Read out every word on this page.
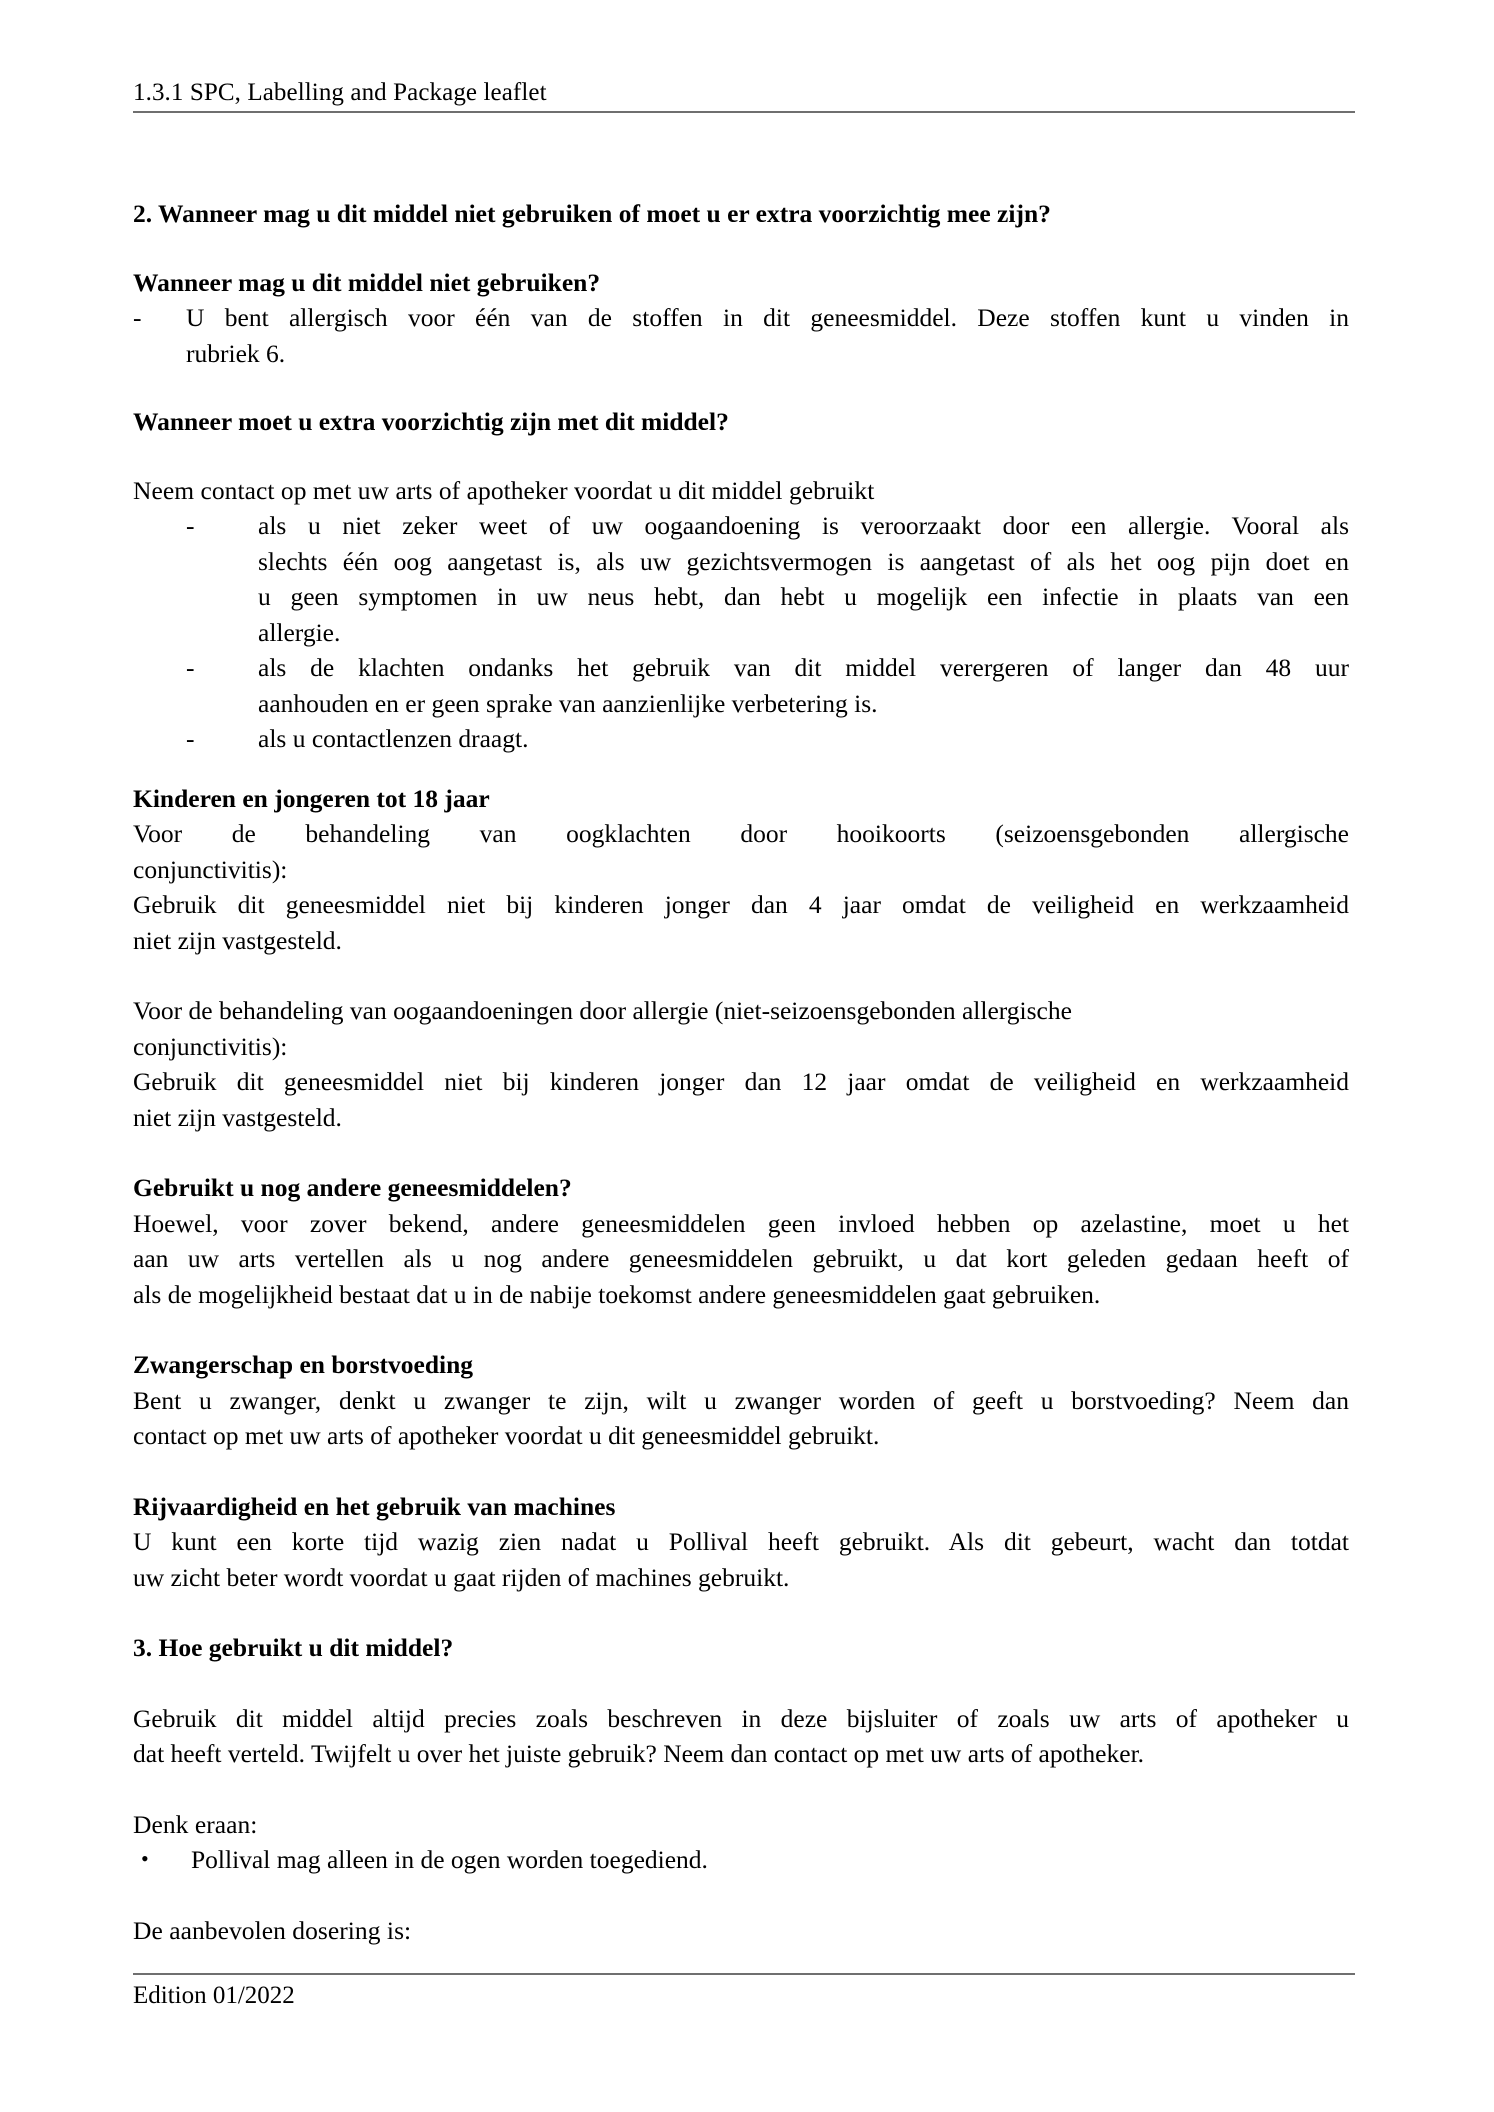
1.3.1 SPC, Labelling and Package leaflet
2. Wanneer mag u dit middel niet gebruiken of moet u er extra voorzichtig mee zijn?
Wanneer mag u dit middel niet gebruiken?
-	U bent allergisch voor één van de stoffen in dit geneesmiddel. Deze stoffen kunt u vinden in
rubriek 6.
Wanneer moet u extra voorzichtig zijn met dit middel?
Neem contact op met uw arts of apotheker voordat u dit middel gebruikt
-	als u niet zeker weet of uw oogaandoening is veroorzaakt door een allergie. Vooral als
slechts één oog aangetast is, als uw gezichtsvermogen is aangetast of als het oog pijn doet en
u geen symptomen in uw neus hebt, dan hebt u mogelijk een infectie in plaats van een
allergie.
-	als de klachten ondanks het gebruik van dit middel verergeren of langer dan 48 uur
aanhouden en er geen sprake van aanzienlijke verbetering is.
-	als u contactlenzen draagt.
Kinderen en jongeren tot 18 jaar
Voor de behandeling van oogklachten door hooikoorts (seizoensgebonden allergische
conjunctivitis):
Gebruik dit geneesmiddel niet bij kinderen jonger dan 4 jaar omdat de veiligheid en werkzaamheid
niet zijn vastgesteld.
Voor de behandeling van oogaandoeningen door allergie (niet-seizoensgebonden allergische
conjunctivitis):
Gebruik dit geneesmiddel niet bij kinderen jonger dan 12 jaar omdat de veiligheid en werkzaamheid
niet zijn vastgesteld.
Gebruikt u nog andere geneesmiddelen?
Hoewel, voor zover bekend, andere geneesmiddelen geen invloed hebben op azelastine, moet u het
aan uw arts vertellen als u nog andere geneesmiddelen gebruikt, u dat kort geleden gedaan heeft of
als de mogelijkheid bestaat dat u in de nabije toekomst andere geneesmiddelen gaat gebruiken.
Zwangerschap en borstvoeding
Bent u zwanger, denkt u zwanger te zijn, wilt u zwanger worden of geeft u borstvoeding? Neem dan
contact op met uw arts of apotheker voordat u dit geneesmiddel gebruikt.
Rijvaardigheid en het gebruik van machines
U kunt een korte tijd wazig zien nadat u Pollival heeft gebruikt. Als dit gebeurt, wacht dan totdat
uw zicht beter wordt voordat u gaat rijden of machines gebruikt.
3. Hoe gebruikt u dit middel?
Gebruik dit middel altijd precies zoals beschreven in deze bijsluiter of zoals uw arts of apotheker u
dat heeft verteld. Twijfelt u over het juiste gebruik? Neem dan contact op met uw arts of apotheker.
Denk eraan:
• Pollival mag alleen in de ogen worden toegediend.
De aanbevolen dosering is:
Edition 01/2022
